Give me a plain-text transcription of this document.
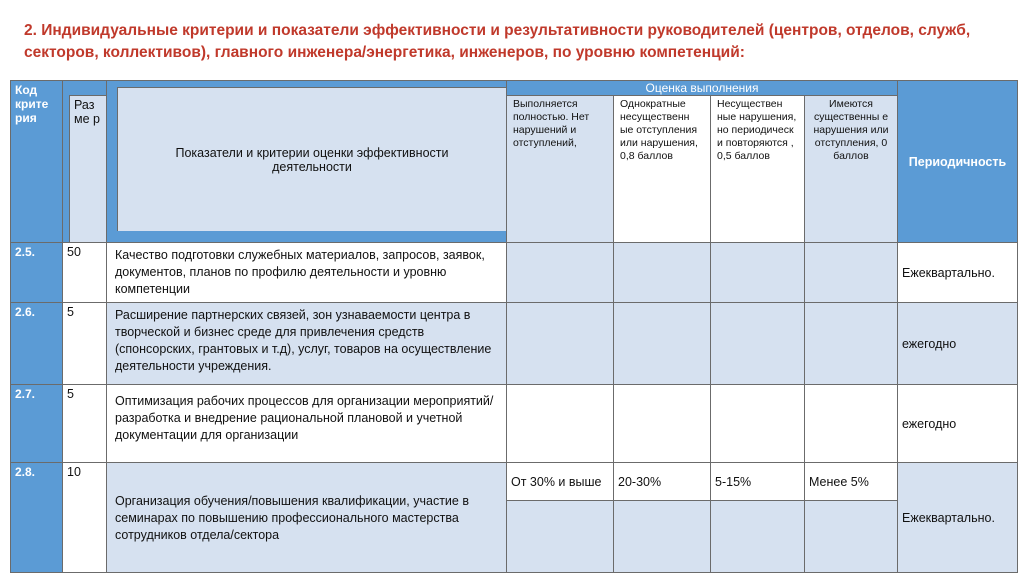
2. Индивидуальные критерии и показатели эффективности и результативности руководителей (центров, отделов, служб, секторов, коллективов), главного инженера/энергетика, инженеров, по уровню компетенций:
Код крите рия	Раз ме р	Показатели и критерии оценки эффективности деятельности	Оценка выполнения				Периодичность
			Выполняется полностью. Нет нарушений и отступлений,	Однократные несущественн ые отступления или нарушения, 0,8 баллов	Несуществен ные нарушения, но периодическ и повторяются , 0,5 баллов	Имеются существенны е нарушения или отступления, 0 баллов	
2.5.	50	Качество подготовки служебных материалов, запросов, заявок, документов, планов по профилю деятельности и уровню компетенции					Ежеквартально.
2.6.	5	Расширение партнерских связей, зон узнаваемости центра в творческой и бизнес среде для привлечения средств (спонсорских, грантовых и т.д), услуг, товаров на осуществление деятельности учреждения.					ежегодно
2.7.	5	Оптимизация рабочих процессов для организации мероприятий/разработка и внедрение рациональной плановой и учетной документации для организации					ежегодно
2.8.	10	Организация обучения/повышения квалификации, участие в семинарах по повышению профессионального мастерства сотрудников отдела/сектора	От 30% и выше	20-30%	5-15%	Менее 5%	Ежеквартально.
